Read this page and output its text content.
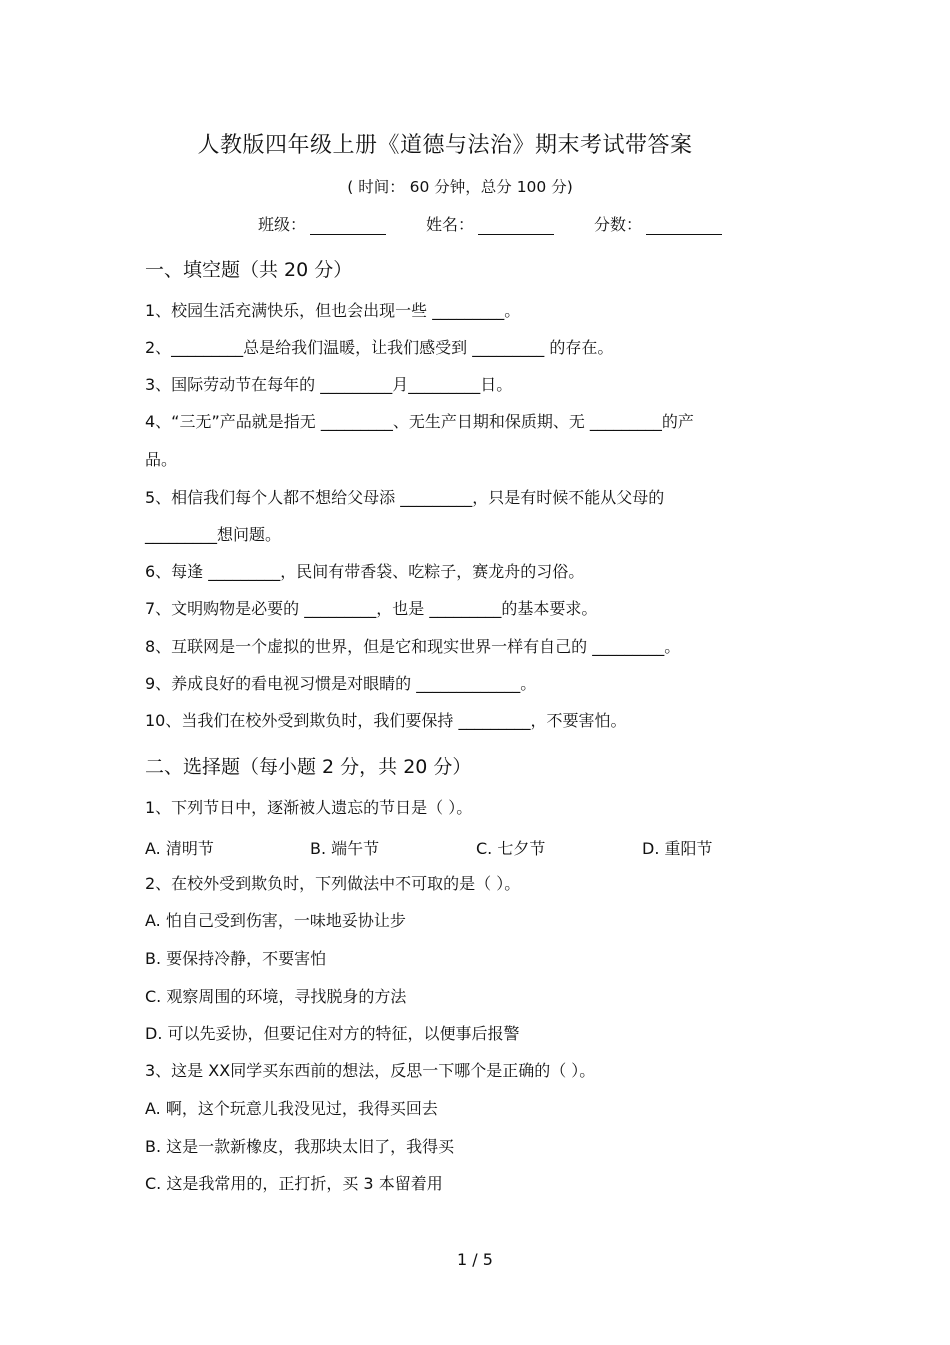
人教版四年级上册《道德与法治》期末考试带答案
( 时间： 60 分钟，总分 100 分)
班级：	姓名：	分数：
一、填空题（共 20 分）
1、校园生活充满快乐，但也会出现一些 _________。
2、_________总是给我们温暖，让我们感受到 _________ 的存在。
3、国际劳动节在每年的 _________月_________日。
4、“三无”产品就是指无 _________、无生产日期和保质期、无 _________的产
品。
5、相信我们每个人都不想给父母添 _________，只是有时候不能从父母的
_________想问题。
6、每逢 _________，民间有带香袋、吃粽子，赛龙舟的习俗。
7、文明购物是必要的 _________，也是 _________的基本要求。
8、互联网是一个虚拟的世界，但是它和现实世界一样有自己的 _________。
9、养成良好的看电视习惯是对眼睛的 _____________。
10、当我们在校外受到欺负时，我们要保持 _________，不要害怕。
二、选择题（每小题 2 分，共 20 分）
1、下列节日中，逐渐被人遗忘的节日是（ ）。
A. 清明节	B. 端午节	C. 七夕节	D. 重阳节
2、在校外受到欺负时，下列做法中不可取的是（ ）。
A. 怕自己受到伤害，一味地妥协让步
B. 要保持冷静，不要害怕
C. 观察周围的环境，寻找脱身的方法
D. 可以先妥协，但要记住对方的特征，以便事后报警
3、这是 XX同学买东西前的想法，反思一下哪个是正确的（ ）。
A. 啊，这个玩意儿我没见过，我得买回去
B. 这是一款新橡皮，我那块太旧了，我得买
C. 这是我常用的，正打折，买 3 本留着用
1 / 5
